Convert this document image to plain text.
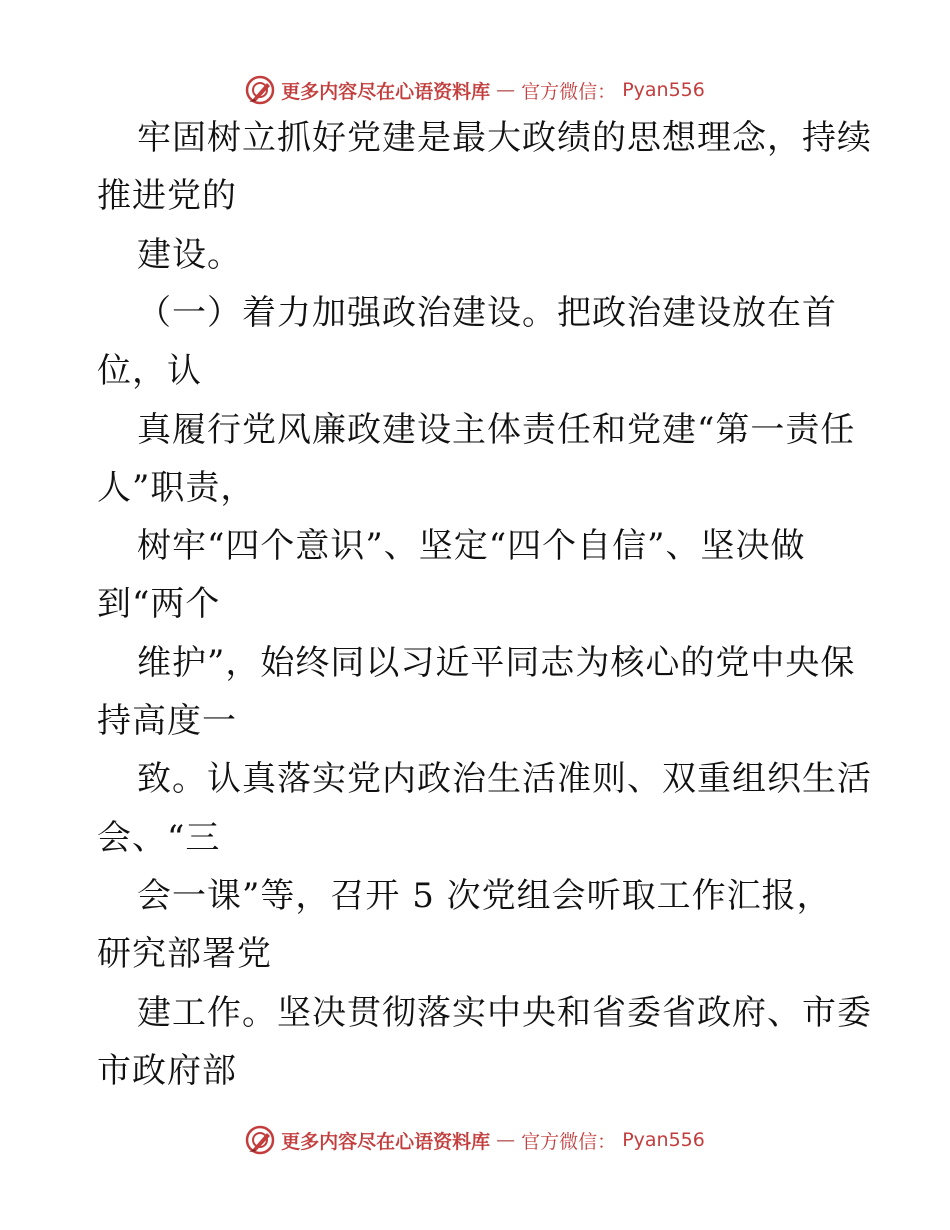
更多内容尽在心语资料库 — 官方微信： Pyan556
牢固树立抓好党建是最大政绩的思想理念，持续
推进党的
建设。
（一）着力加强政治建设。把政治建设放在首
位，认
真履行党风廉政建设主体责任和党建“第一责任
人”职责，
树牢“四个意识”、坚定“四个自信”、坚决做
到“两个
维护”，始终同以习近平同志为核心的党中央保
持高度一
致。认真落实党内政治生活准则、双重组织生活
会、“三
会一课”等，召开 5 次党组会听取工作汇报，
研究部署党
建工作。坚决贯彻落实中央和省委省政府、市委
市政府部
更多内容尽在心语资料库 — 官方微信： Pyan556
